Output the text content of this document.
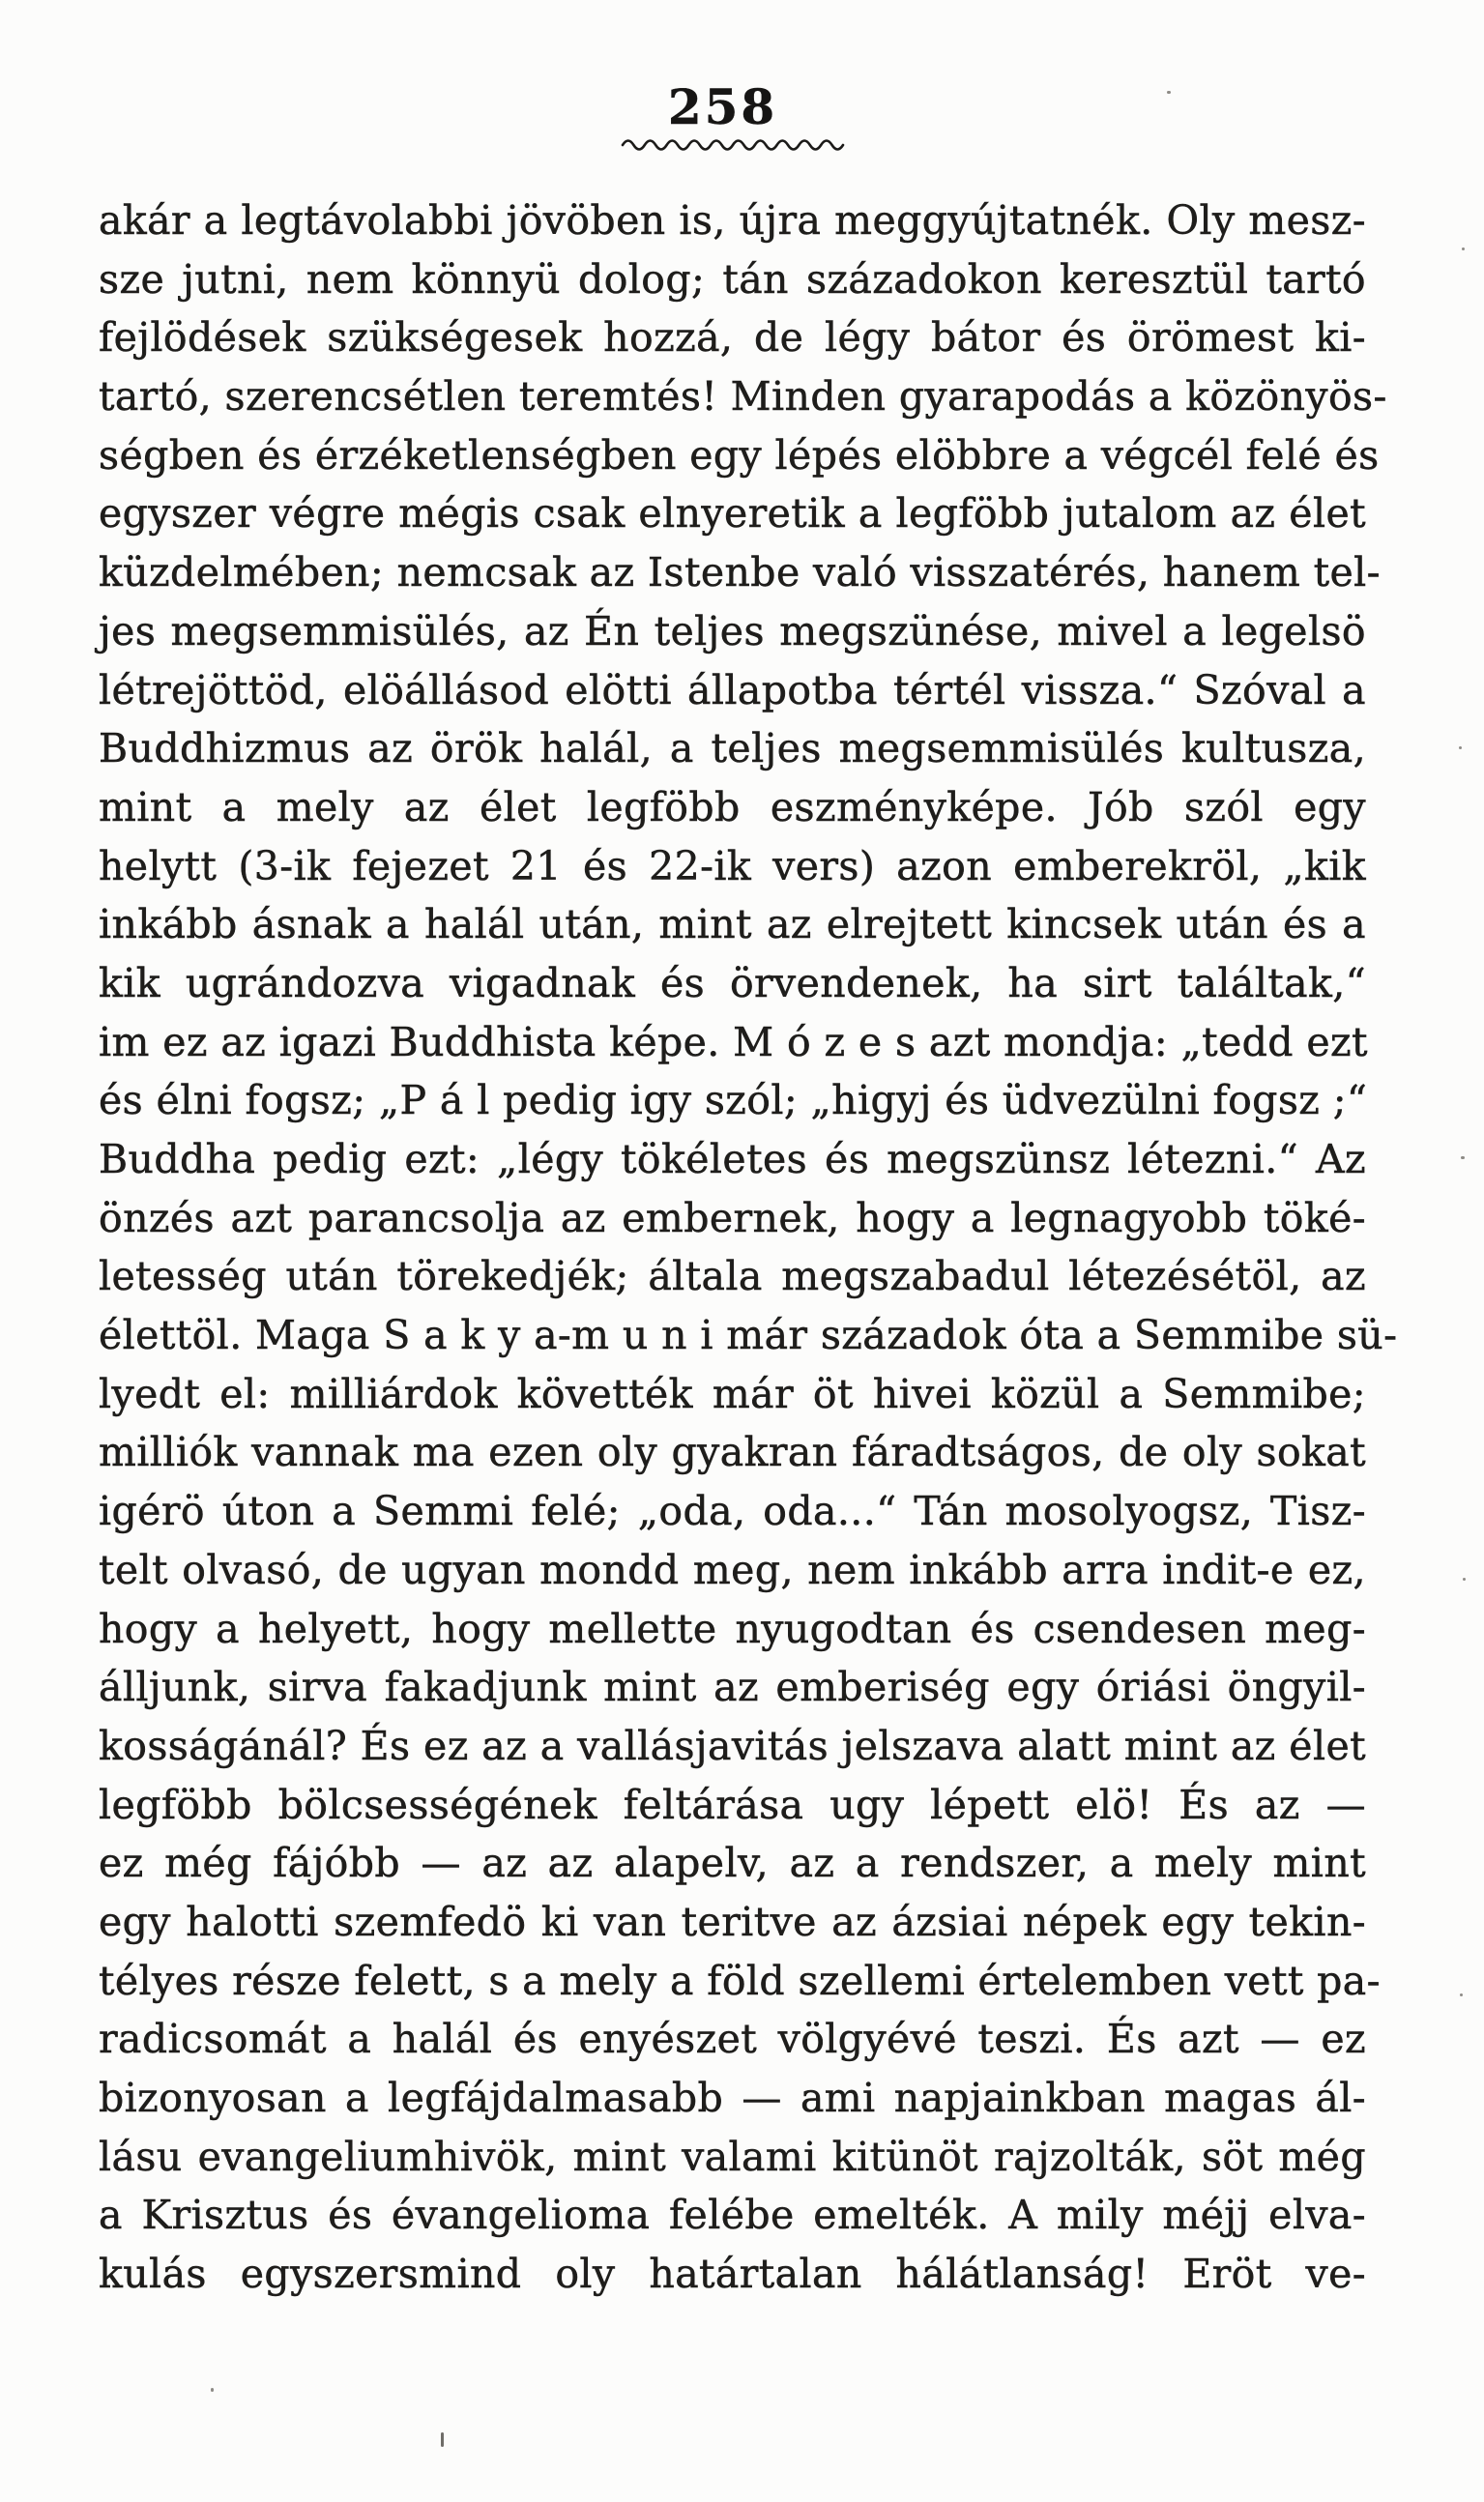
258
akár a legtávolabbi jövöben is, újra meggyújtatnék. Oly mesz-
sze jutni, nem könnyü dolog; tán századokon keresztül tartó
fejlödések szükségesek hozzá, de légy bátor és örömest ki-
tartó, szerencsétlen teremtés! Minden gyarapodás a közönyös-
ségben és érzéketlenségben egy lépés elöbbre a végcél felé és
egyszer végre mégis csak elnyeretik a legföbb jutalom az élet
küzdelmében; nemcsak az Istenbe való visszatérés, hanem tel-
jes megsemmisülés, az Én teljes megszünése, mivel a legelsö
létrejöttöd, elöállásod elötti állapotba tértél vissza.“ Szóval a
Buddhizmus az örök halál, a teljes megsemmisülés kultusza,
mint a mely az élet legföbb eszményképe. Jób szól egy
helytt (3-ik fejezet 21 és 22-ik vers) azon emberekröl, „kik
inkább ásnak a halál után, mint az elrejtett kincsek után és a
kik ugrándozva vigadnak és örvendenek, ha sirt találtak,“
im ez az igazi Buddhista képe. M ó z e s azt mondja: „tedd ezt
és élni fogsz; „P á l pedig igy szól; „higyj és üdvezülni fogsz ;“
Buddha pedig ezt: „légy tökéletes és megszünsz létezni.“ Az
önzés azt parancsolja az embernek, hogy a legnagyobb töké-
letesség után törekedjék; általa megszabadul létezésétöl, az
élettöl. Maga S a k y a-m u n i már századok óta a Semmibe sü-
lyedt el: milliárdok követték már öt hivei közül a Semmibe;
milliók vannak ma ezen oly gyakran fáradtságos, de oly sokat
igérö úton a Semmi felé; „oda, oda...“ Tán mosolyogsz, Tisz-
telt olvasó, de ugyan mondd meg, nem inkább arra indit-e ez,
hogy a helyett, hogy mellette nyugodtan és csendesen meg-
álljunk, sirva fakadjunk mint az emberiség egy óriási öngyil-
kosságánál? És ez az a vallásjavitás jelszava alatt mint az élet
legföbb bölcsességének feltárása ugy lépett elö! És az —
ez még fájóbb — az az alapelv, az a rendszer, a mely mint
egy halotti szemfedö ki van teritve az ázsiai népek egy tekin-
télyes része felett, s a mely a föld szellemi értelemben vett pa-
radicsomát a halál és enyészet völgyévé teszi. És azt — ez
bizonyosan a legfájdalmasabb — ami napjainkban magas ál-
lásu evangeliumhivök, mint valami kitünöt rajzolták, söt még
a Krisztus és évangelioma felébe emelték. A mily méjj elva-
kulás egyszersmind oly határtalan hálátlanság! Eröt ve-
